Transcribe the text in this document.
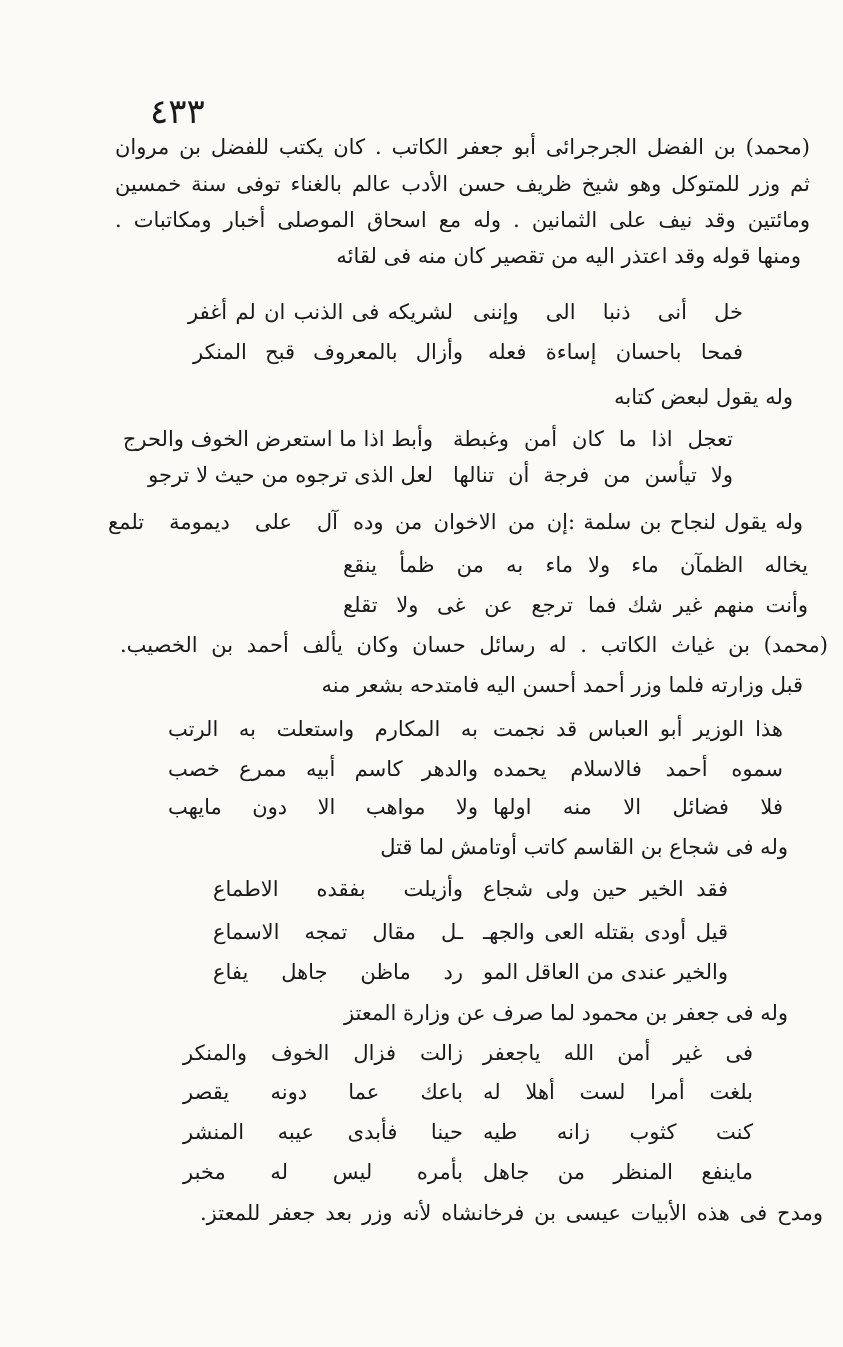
٤٣٣
(محمد) بن الفضل الجرجرائى أبو جعفر الكاتب . كان يكتب للفضل بن مروان
ثم وزر للمتوكل وهو شيخ ظريف حسن الأدب عالم بالغناء توفى سنة خمسين
ومائتين وقد نيف على الثمانين . وله مع اسحاق الموصلى أخبار ومكاتبات .
ومنها قوله وقد اعتذر اليه من تقصير كان منه فى لقائه
خل أنى ذنبا الى وإننى
لشريكه فى الذنب ان لم أغفر
فمحا باحسان إساءة فعله
وأزال بالمعروف قبح المنكر
وله يقول لبعض كتابه
تعجل اذا ما كان أمن وغبطة
وأبط اذا ما استعرض الخوف والحرج
ولا تيأسن من فرجة أن تنالها
لعل الذى ترجوه من حيث لا ترجو
وله يقول لنجاح بن سلمة :
إن من الاخوان من وده
آل على ديمومة تلمع
يخاله الظمآن ماء ولا
ماء به من ظمأ ينقع
وأنت منهم غير شك فما
ترجع عن غى ولا تقلع
(محمد) بن غياث الكاتب . له رسائل حسان وكان يألف أحمد بن الخصيب.
قبل وزارته فلما وزر أحمد أحسن اليه فامتدحه بشعر منه
هذا الوزير أبو العباس قد نجمت
به المكارم واستعلت به الرتب
سموه أحمد فالاسلام يحمده
والدهر كاسم أبيه ممرع خصب
فلا فضائل الا منه اولها
ولا مواهب الا دون مايهب
وله فى شجاع بن القاسم كاتب أوتامش لما قتل
فقد الخير حين ولى شجاع
وأزيلت بفقده الاطماع
قيل أودى بقتله العى والجهـ
ـل مقال تمجه الاسماع
والخير عندى من العاقل المو
رد ماظن جاهل يفاع
وله فى جعفر بن محمود لما صرف عن وزارة المعتز
فى غير أمن الله ياجعفر
زالت فزال الخوف والمنكر
بلغت أمرا لست أهلا له
باعك عما دونه يقصر
كنت كثوب زانه طيه
حينا فأبدى عيبه المنشر
ماينفع المنظر من جاهل
بأمره ليس له مخبر
ومدح فى هذه الأبيات عيسى بن فرخانشاه لأنه وزر بعد جعفر للمعتز.
